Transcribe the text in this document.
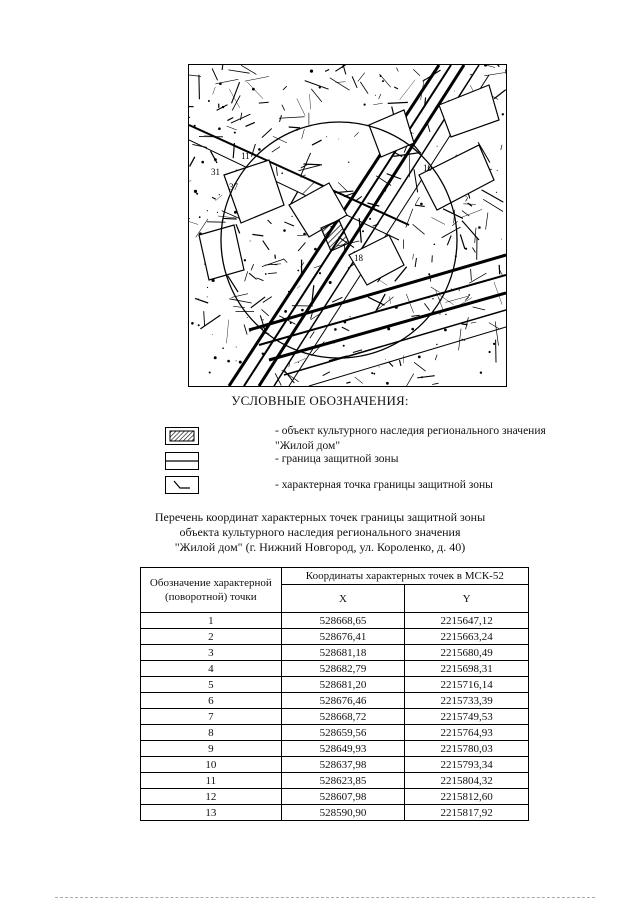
31
11
10
37
18
УСЛОВНЫЕ ОБОЗНАЧЕНИЯ:
- объект культурного наследия регионального значения "Жилой дом"
- граница защитной зоны
- характерная точка границы защитной зоны
Перечень координат характерных точек границы защитной зоны
объекта культурного наследия регионального значения
"Жилой дом" (г. Нижний Новгород, ул. Короленко, д. 40)
Обозначение характерной (поворотной) точки	Координаты характерных точек в МСК-52	
	X	Y
1	528668,65	2215647,12
2	528676,41	2215663,24
3	528681,18	2215680,49
4	528682,79	2215698,31
5	528681,20	2215716,14
6	528676,46	2215733,39
7	528668,72	2215749,53
8	528659,56	2215764,93
9	528649,93	2215780,03
10	528637,98	2215793,34
11	528623,85	2215804,32
12	528607,98	2215812,60
13	528590,90	2215817,92
